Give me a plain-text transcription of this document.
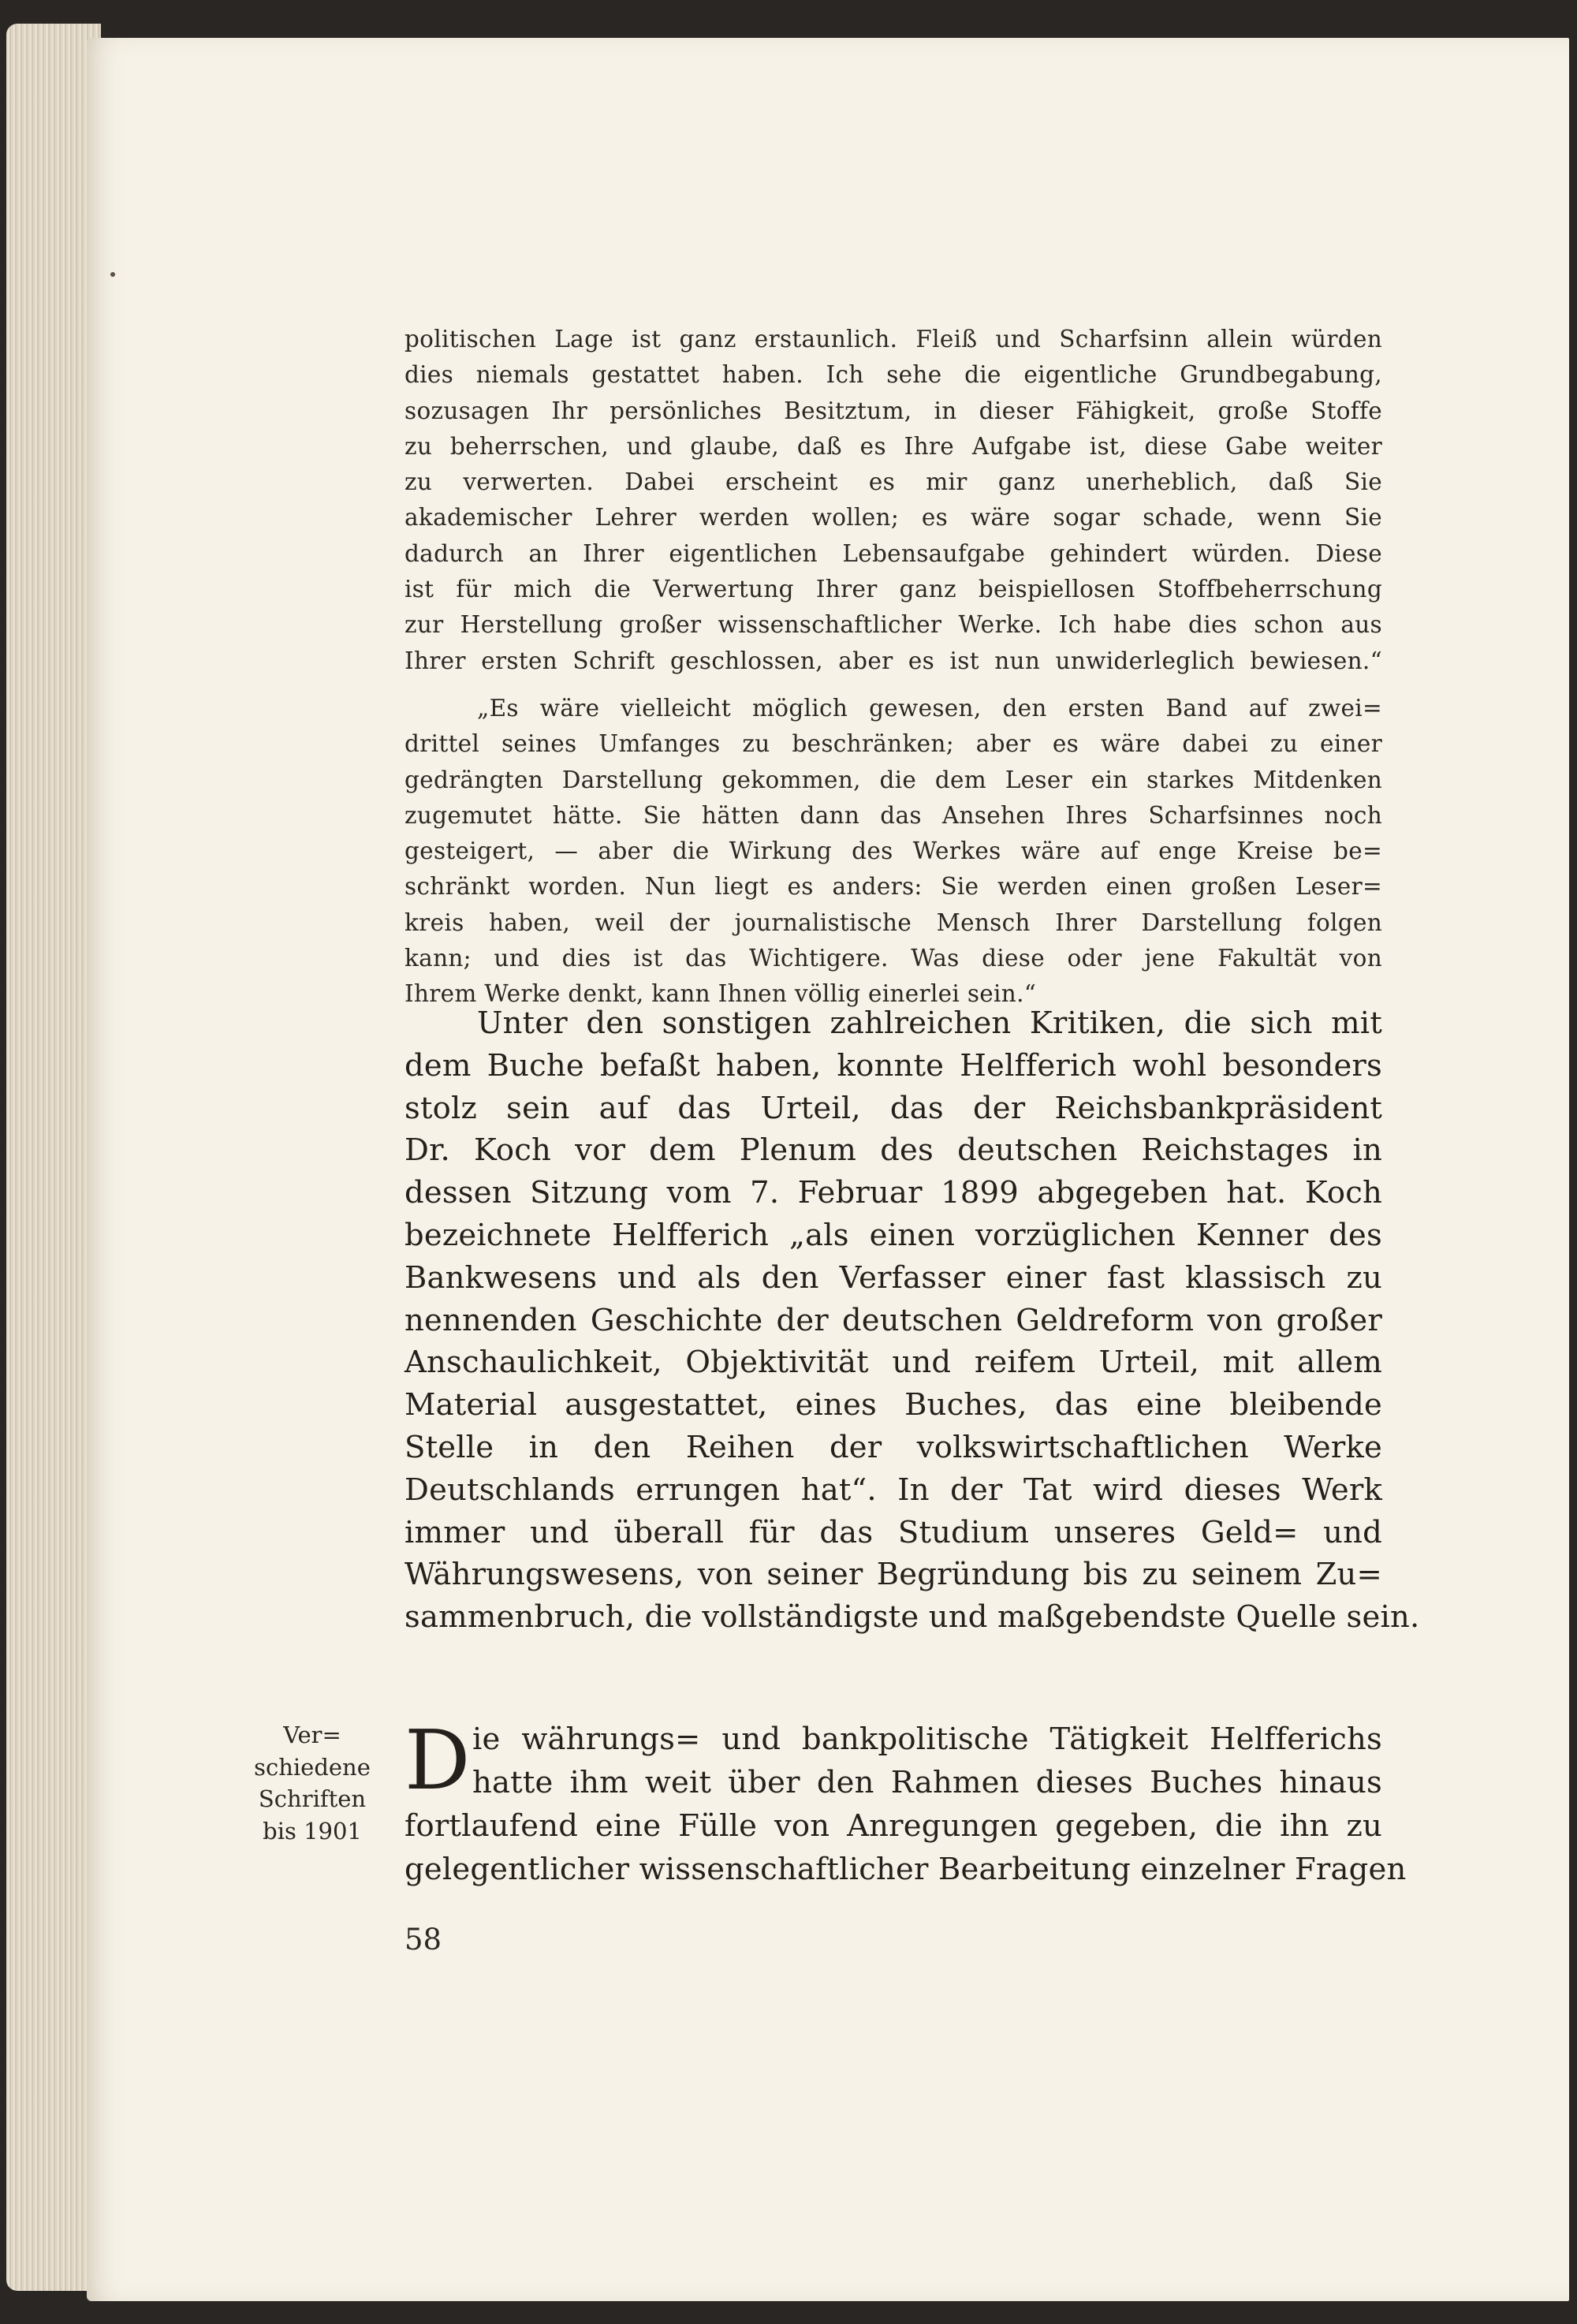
politischen Lage ist ganz erstaunlich. Fleiß und Scharfsinn allein würden
dies niemals gestattet haben. Ich sehe die eigentliche Grundbegabung,
sozusagen Ihr persönliches Besitztum, in dieser Fähigkeit, große Stoffe
zu beherrschen, und glaube, daß es Ihre Aufgabe ist, diese Gabe weiter
zu verwerten. Dabei erscheint es mir ganz unerheblich, daß Sie
akademischer Lehrer werden wollen; es wäre sogar schade, wenn Sie
dadurch an Ihrer eigentlichen Lebensaufgabe gehindert würden. Diese
ist für mich die Verwertung Ihrer ganz beispiellosen Stoffbeherrschung
zur Herstellung großer wissenschaftlicher Werke. Ich habe dies schon aus
Ihrer ersten Schrift geschlossen, aber es ist nun unwiderleglich bewiesen.“
„Es wäre vielleicht möglich gewesen, den ersten Band auf zwei=
drittel seines Umfanges zu beschränken; aber es wäre dabei zu einer
gedrängten Darstellung gekommen, die dem Leser ein starkes Mitdenken
zugemutet hätte. Sie hätten dann das Ansehen Ihres Scharfsinnes noch
gesteigert, — aber die Wirkung des Werkes wäre auf enge Kreise be=
schränkt worden. Nun liegt es anders: Sie werden einen großen Leser=
kreis haben, weil der journalistische Mensch Ihrer Darstellung folgen
kann; und dies ist das Wichtigere. Was diese oder jene Fakultät von
Ihrem Werke denkt, kann Ihnen völlig einerlei sein.“
Unter den sonstigen zahlreichen Kritiken, die sich mit
dem Buche befaßt haben, konnte Helfferich wohl besonders
stolz sein auf das Urteil, das der Reichsbankpräsident
Dr. Koch vor dem Plenum des deutschen Reichstages in
dessen Sitzung vom 7. Februar 1899 abgegeben hat. Koch
bezeichnete Helfferich „als einen vorzüglichen Kenner des
Bankwesens und als den Verfasser einer fast klassisch zu
nennenden Geschichte der deutschen Geldreform von großer
Anschaulichkeit, Objektivität und reifem Urteil, mit allem
Material ausgestattet, eines Buches, das eine bleibende
Stelle in den Reihen der volkswirtschaftlichen Werke
Deutschlands errungen hat“. In der Tat wird dieses Werk
immer und überall für das Studium unseres Geld= und
Währungswesens, von seiner Begründung bis zu seinem Zu=
sammenbruch, die vollständigste und maßgebendste Quelle sein.
Ver=
schiedene
Schriften
bis 1901
D ie währungs= und bankpolitische Tätigkeit Helfferichs
hatte ihm weit über den Rahmen dieses Buches hinaus
fortlaufend eine Fülle von Anregungen gegeben, die ihn zu
gelegentlicher wissenschaftlicher Bearbeitung einzelner Fragen
58
